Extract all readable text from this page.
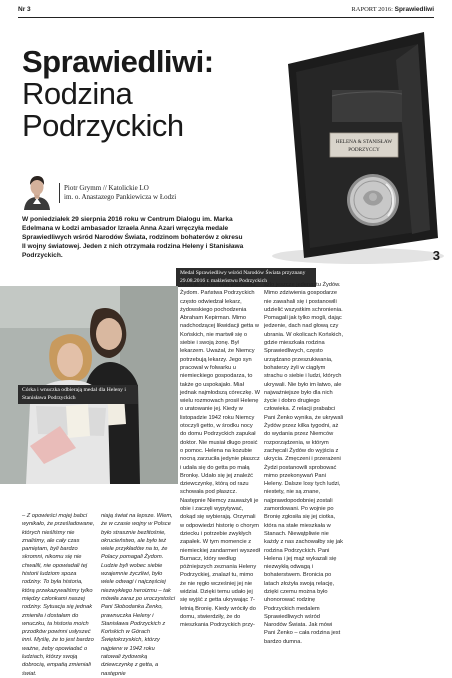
Nr 3	RAPORT 2016: Sprawiedliwi
Sprawiedliwi:
Rodzina
Podrzyckich
Piotr Grymm // Katolickie LO
im. o. Anastazego Pankiewicza w Łodzi
W poniedziałek 29 sierpnia 2016 roku w Centrum Dialogu im. Marka Edelmana w Łodzi ambasador Izraela Anna Azari wręczyła medale Sprawiedliwych wśród Narodów Świata, rodzinom bohaterów z okresu II wojny światowej. Jeden z nich otrzymała rodzina Heleny i Stanisława Podrzyckich.
HELENA & STANISŁAW
PODRZYCCY
Medal Sprawiedliwy wśród Narodów Świata przyznany 29.08.2016 r. małżeństwu Podrzyckich
3
Córka i wnuczka odbierają medal dla Heleny i Stanisława Podrzyckich

– Z opowieści mojej babci wynikało, że prześladowane, których nieśliśmy nie znaliśmy, ale cały czas pamiętam, byli bardzo skromni, nikomu się nie chwalili, nie opowiadali tej historii ludziom spoza rodziny. To była historia, którą przekazywaliśmy tylko między członkami naszej rodziny. Sytuacja się jednak zmieniła i dostałam do wnuczku, ta historia moich przodków powinni usłyszeć inni. Myślę, że to jest bardzo ważne, żeby opowiadać o ludziach, którzy swoją dobrocią, empatią zmieniali świat.

niają świat na lepsze. Wiem, że w czasie wojny w Polsce było strasznie bezlitośnie, okrucieństwo, ale było też wiele przykładów na to, że Polacy pomagali Żydom. Ludzie byli wobec siebie wzajemnie życzliwi, było wiele odwagi i najczęściej niezwykłego heroizmu – tak mówiła zaraz po uroczystości Pani Słobodanka Żenko, prawnuczka Heleny i Stanisława Podrzyckich z Końskich w Górach Świętokrzyskich, którzy najpierw w 1942 roku ratowali żydowską dziewczynkę z getta, a następnie

udzielili schronienia jedenastu Żydom. Państwa Podrzyckich często odwiedzał lekarz, żydowskiego pochodzenia Abraham Kepirman. Mimo nadchodzącej likwidacji getta w Końskich, nie martwił się o siebie i swoją żonę. Był lekarzem. Uważał, że Niemcy potrzebują lekarzy. Jego syn pracował w folwarku u niemieckiego gospodarza, to także go uspokajało. Miał jednak najmłodszą córeczkę. W wielu rozmowach prosił Helenę o uratowanie jej. Kiedy w listopadzie 1942 roku Niemcy otoczyli getto, w środku nocy do domu Podrzyckich zapukał doktor. Nie musiał długo prosić o pomoc. Helena na kozubie nocną zarzuciła jedynie płaszcz i udała się do getta po małą Bronkę. Udało się jej znaleźć dziewczynkę, którą od razu schowała pod płaszcz. Następnie Niemcy zauważyli je obie i zaczęli wypytywać, dokąd się wybierają. Orzymali w odpowiedzi historię o chorym dziecku i potrzebie zwykłych zapałek. W tym momencie z niemieckiej zandarmeri wyszedł Burnacz, który według późniejszych zeznania Heleny Podrzyckiej, znalazł tu, mimo że nie ręgło wcześniej jej nie widział. Dzięki temu udało jej się wyjść z getta ukrywając 7-letnią Bronię. Kiedy wróciły do domu, stwierdziły, że do mieszkania Podrzyckich przy-

szło jeszcze jedenastu Żydów. Mimo zdziwienia gospodarze nie zawahali się i postanowili udzielić wszystkim schronienia. Pomagali jak tylko mogli, dając jedzenie, dach nad głową czy ubrania. W okolicach Końskich, gdzie mieszkała rodzina Sprawiedliwych, często urządzano przeszukiwania, bohaterzy żyli w ciągłym strachu o siebie i ludzi, których ukrywali. Nie było im łatwo, ale najważniejsze było dla nich życie i dobro drugiego człowieka. Z relacji prababci Pani Żenko wynika, że ukrywali Żydów przez kilka tygodni, aż do wydania przez Niemców rozporządzenia, w którym zachęcali Żydów do wyjścia z ukrycia. Zmęczeni i przerażeni Żydzi postanowili sprobować mimo przekonywań Pani Heleny. Dalsze losy tych ludzi, niestety, nie są znane, najprawdopodobniej zostali zamordowani. Po wojnie po Bronię zgłosiła się jej ciotka, która na stałe mieszkała w Stanach. Niewątpliwie nie każdy z nas zachowałby się jak rodzina Podrzyckich. Pani Helena i jej mąż wykazali się niezwykłą odwagą i bohaterstwem. Bronicia po latach złożyła swoją relację, dzięki czemu można było uhonorować rodzinę Podrzyckich medalem Sprawiedliwych wśród Narodów Świata. Jak mówi Pani Żenko – cała rodzina jest bardzo dumna.
